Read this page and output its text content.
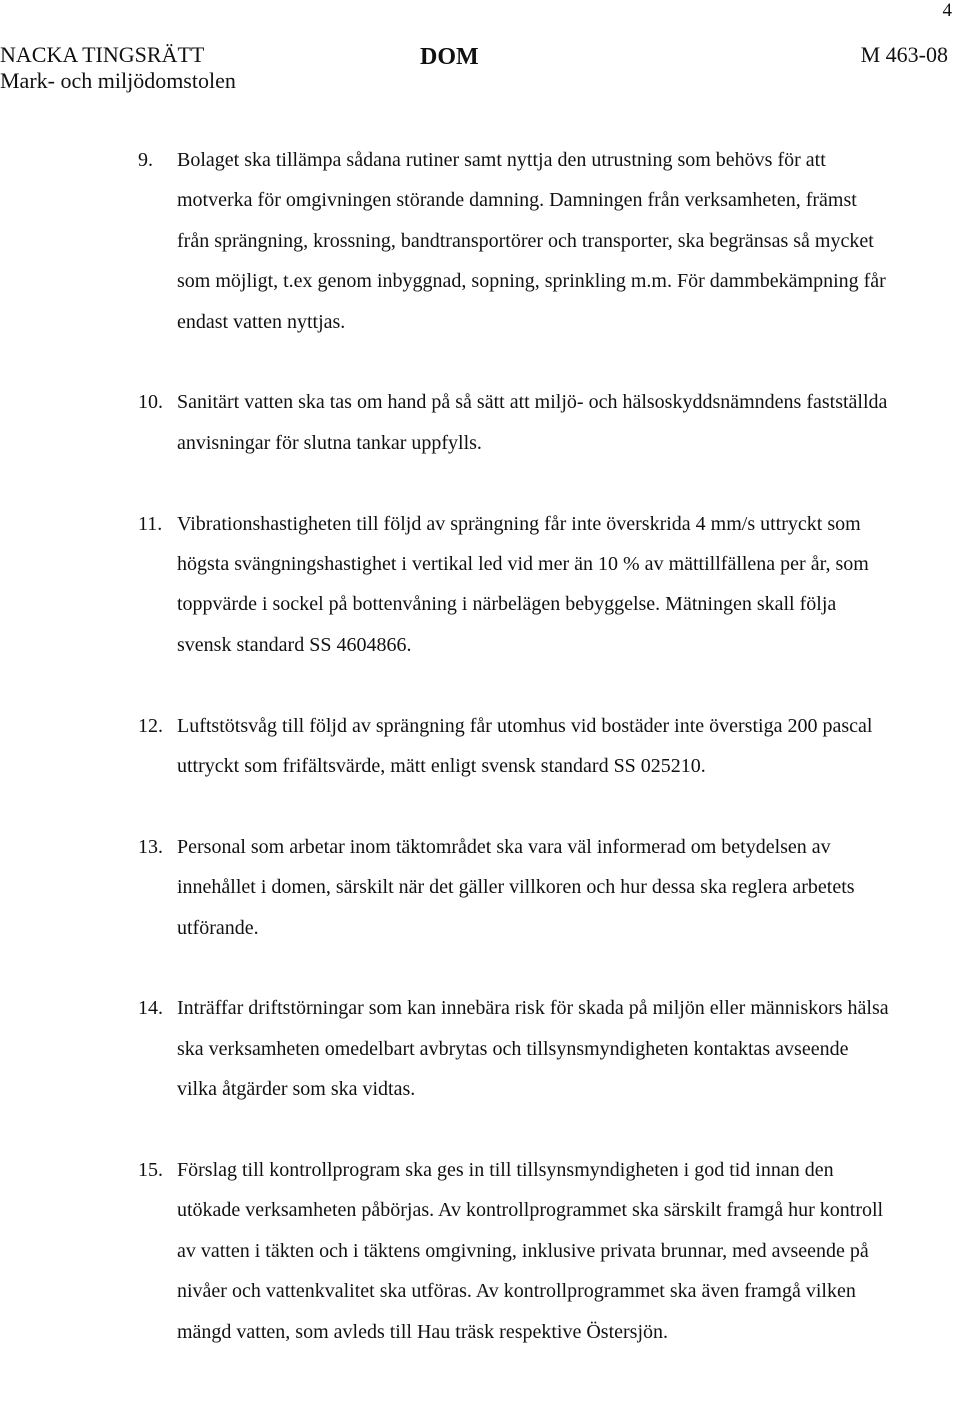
4
NACKA TINGSRÄTT
Mark- och miljödomstolen
DOM	M 463-08
9. Bolaget ska tillämpa sådana rutiner samt nyttja den utrustning som behövs för att motverka för omgivningen störande damning. Damningen från verksamheten, främst från sprängning, krossning, bandtransportörer och transporter, ska begränsas så mycket som möjligt, t.ex genom inbyggnad, sopning, sprinkling m.m. För dammbekämpning får endast vatten nyttjas.
10. Sanitärt vatten ska tas om hand på så sätt att miljö- och hälsoskyddsnämndens fastställda anvisningar för slutna tankar uppfylls.
11. Vibrationshastigheten till följd av sprängning får inte överskrida 4 mm/s uttryckt som högsta svängningshastighet i vertikal led vid mer än 10 % av mättillfällena per år, som toppvärde i sockel på bottenvåning i närbelägen bebyggelse. Mätningen skall följa svensk standard SS 4604866.
12. Luftstötsvåg till följd av sprängning får utomhus vid bostäder inte överstiga 200 pascal uttryckt som frifältsvärde, mätt enligt svensk standard SS 025210.
13. Personal som arbetar inom täktområdet ska vara väl informerad om betydelsen av innehållet i domen, särskilt när det gäller villkoren och hur dessa ska reglera arbetets utförande.
14. Inträffar driftstörningar som kan innebära risk för skada på miljön eller människors hälsa ska verksamheten omedelbart avbrytas och tillsynsmyndigheten kontaktas avseende vilka åtgärder som ska vidtas.
15. Förslag till kontrollprogram ska ges in till tillsynsmyndigheten i god tid innan den utökade verksamheten påbörjas. Av kontrollprogrammet ska särskilt framgå hur kontroll av vatten i täkten och i täktens omgivning, inklusive privata brunnar, med avseende på nivåer och vattenkvalitet ska utföras. Av kontrollprogrammet ska även framgå vilken mängd vatten, som avleds till Hau träsk respektive Östersjön.
